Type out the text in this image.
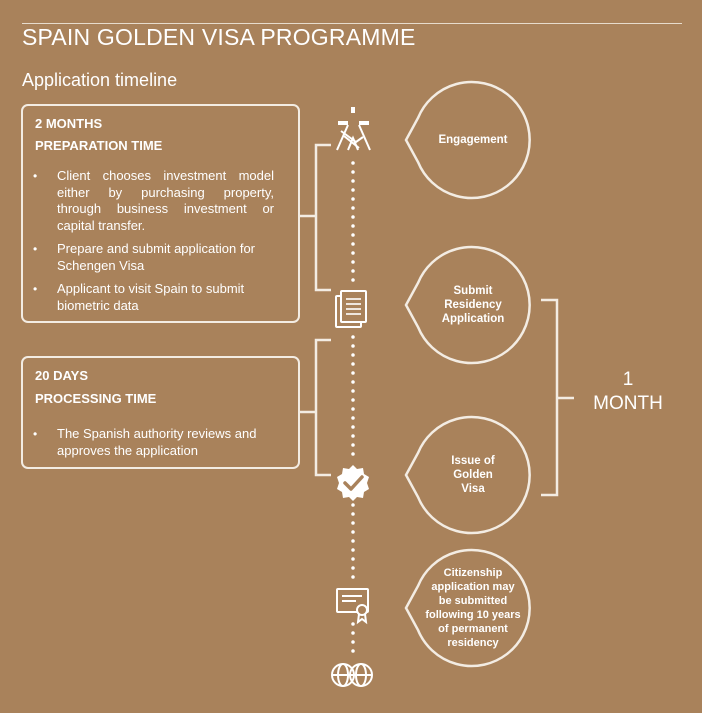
SPAIN GOLDEN VISA PROGRAMME
Application timeline
2 MONTHS
PREPARATION TIME
• Client chooses investment model either by purchasing property, through business investment or capital transfer.
• Prepare and submit application for Schengen Visa
• Applicant to visit Spain to submit biometric data
20 DAYS
PROCESSING TIME
• The Spanish authority reviews and approves the application
Engagement
Submit Residency Application
Issue of Golden Visa
Citizenship application may be submitted following 10 years of permanent residency
1
MONTH
